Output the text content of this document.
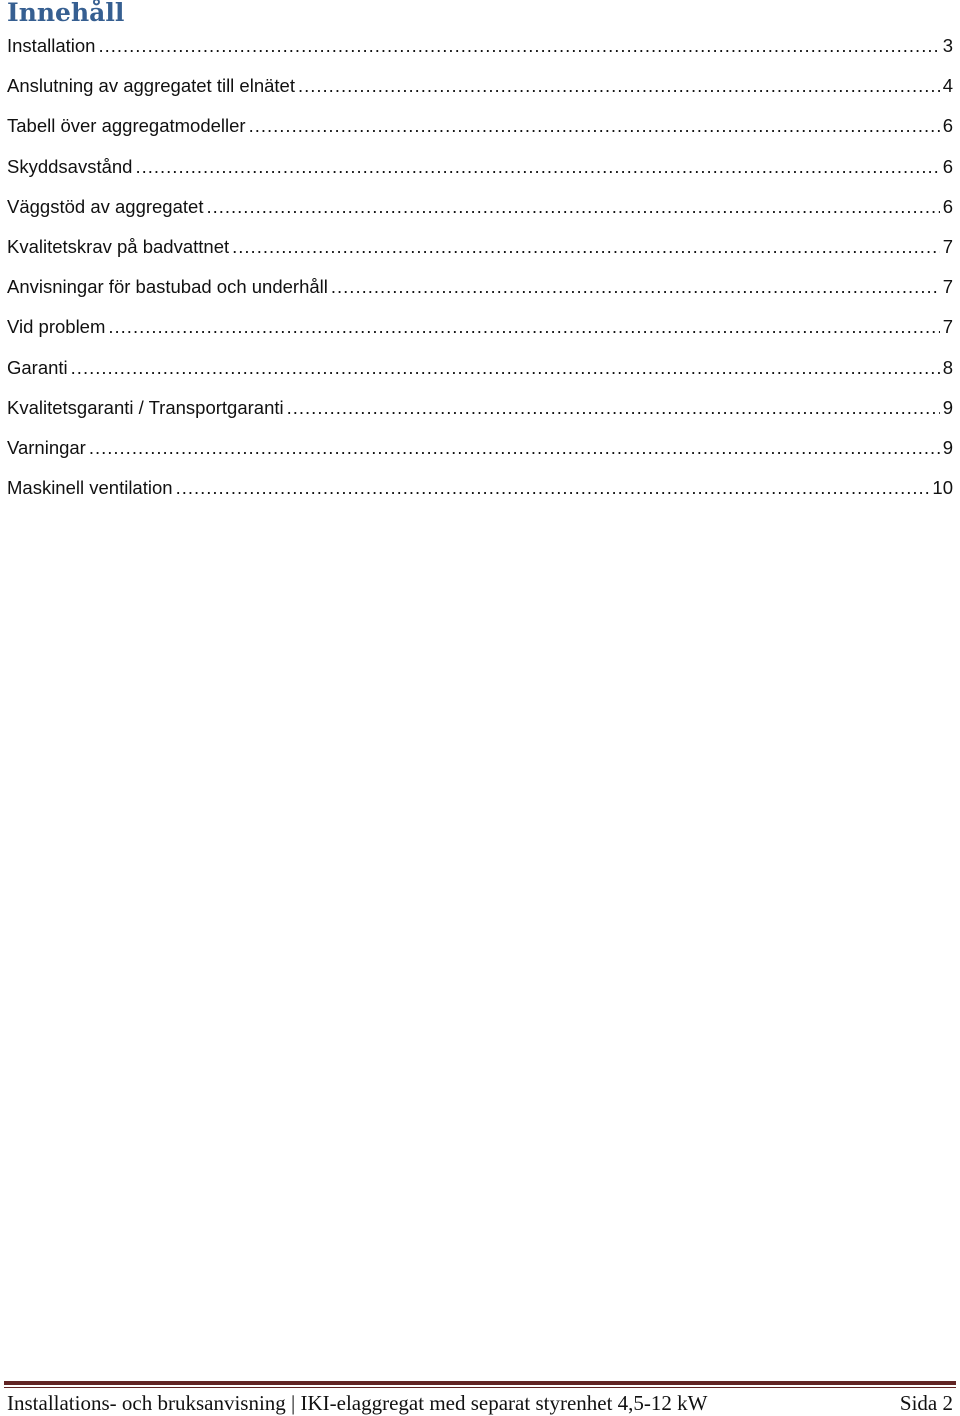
Innehåll
Installation .....	3
Anslutning av aggregatet till elnätet .....	4
Tabell över aggregatmodeller .....	6
Skyddsavstånd .....	6
Väggstöd av aggregatet .....	6
Kvalitetskrav på badvattnet .....	7
Anvisningar för bastubad och underhåll .....	7
Vid problem .....	7
Garanti .....	8
Kvalitetsgaranti / Transportgaranti .....	9
Varningar .....	9
Maskinell ventilation .....	10
Installations- och bruksanvisning | IKI-elaggregat med separat styrenhet 4,5-12 kW	Sida 2
